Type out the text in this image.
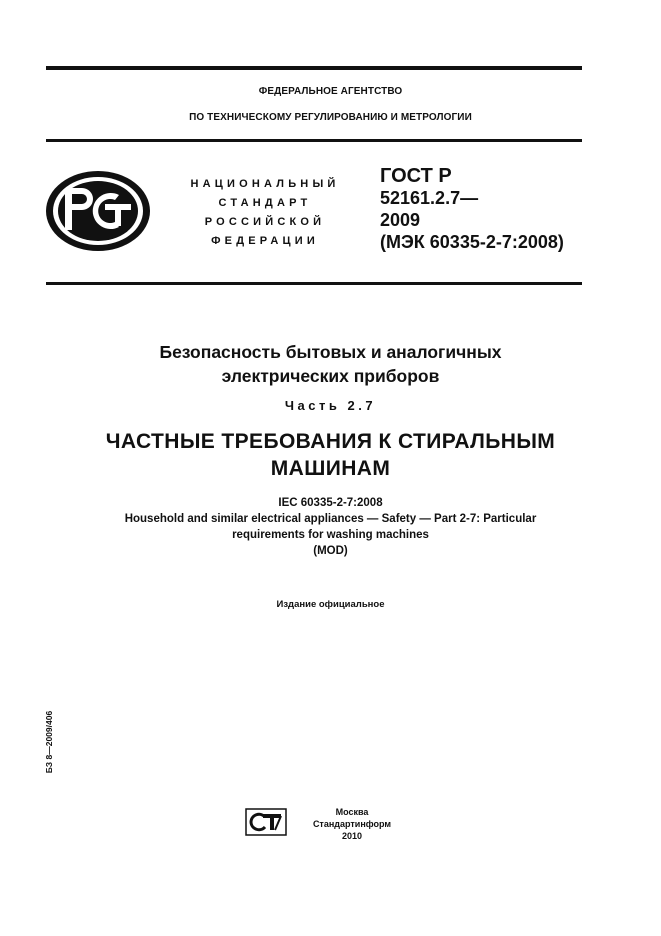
ФЕДЕРАЛЬНОЕ АГЕНТСТВО
ПО ТЕХНИЧЕСКОМУ РЕГУЛИРОВАНИЮ И МЕТРОЛОГИИ
НАЦИОНАЛЬНЫЙ
СТАНДАРТ
РОССИЙСКОЙ
ФЕДЕРАЦИИ
ГОСТ Р
52161.2.7—
2009
(МЭК 60335-2-7:2008)
Безопасность бытовых и аналогичных
электрических приборов
Часть 2.7
ЧАСТНЫЕ ТРЕБОВАНИЯ К СТИРАЛЬНЫМ
МАШИНАМ
IEC 60335-2-7:2008
Household and similar electrical appliances — Safety — Part 2-7: Particular
requirements for washing machines
(MOD)
Издание официальное
БЗ 8—2009/406
Москва
Стандартинформ
2010
